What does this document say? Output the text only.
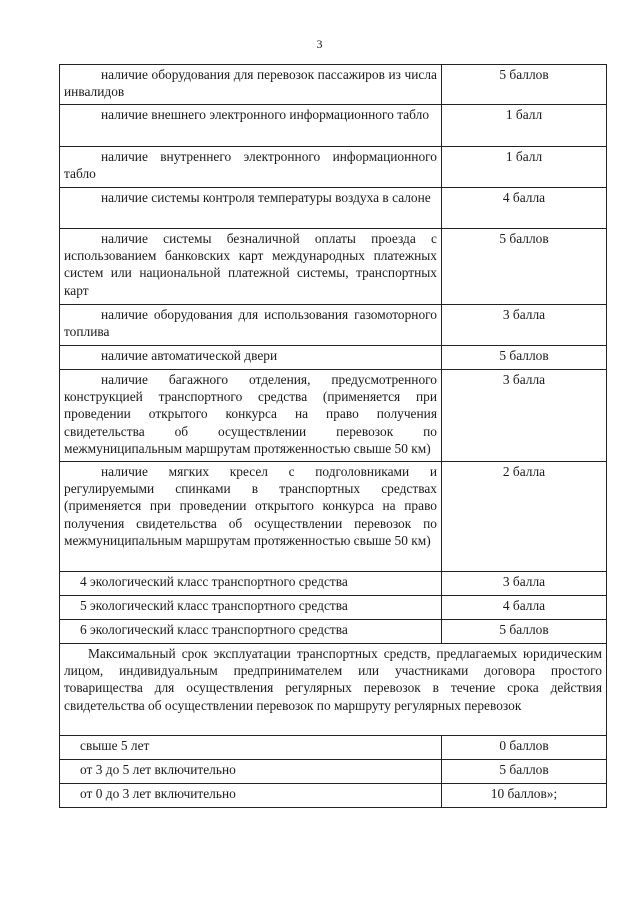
3
наличие оборудования для перевозок пассажиров из числа инвалидов	5 баллов

наличие внешнего электронного информационного табло	1 балл

наличие внутреннего электронного информационного табло	1 балл

наличие системы контроля температуры воздуха в салоне	4 балла

наличие системы безналичной оплаты проезда с использованием банковских карт международных платежных систем или национальной платежной системы, транспортных карт	5 баллов

наличие оборудования для использования газомоторного топлива	3 балла

наличие автоматической двери	5 баллов

наличие багажного отделения, предусмотренного конструкцией транспортного средства (применяется при проведении открытого конкурса на право получения свидетельства об осуществлении перевозок по межмуниципальным маршрутам протяженностью свыше 50 км)	3 балла

наличие мягких кресел с подголовниками и регулируемыми спинками в транспортных средствах (применяется при проведении открытого конкурса на право получения свидетельства об осуществлении перевозок по межмуниципальным маршрутам протяженностью свыше 50 км)	2 балла

4 экологический класс транспортного средства	3 балла

5 экологический класс транспортного средства	4 балла

6 экологический класс транспортного средства	5 баллов

Максимальный срок эксплуатации транспортных средств, предлагаемых юридическим лицом, индивидуальным предпринимателем или участниками договора простого товарищества для осуществления регулярных перевозок в течение срока действия свидетельства об осуществлении перевозок по маршруту регулярных перевозок	

свыше 5 лет	0 баллов

от 3 до 5 лет включительно	5 баллов

от 0 до 3 лет включительно	10 баллов»;
